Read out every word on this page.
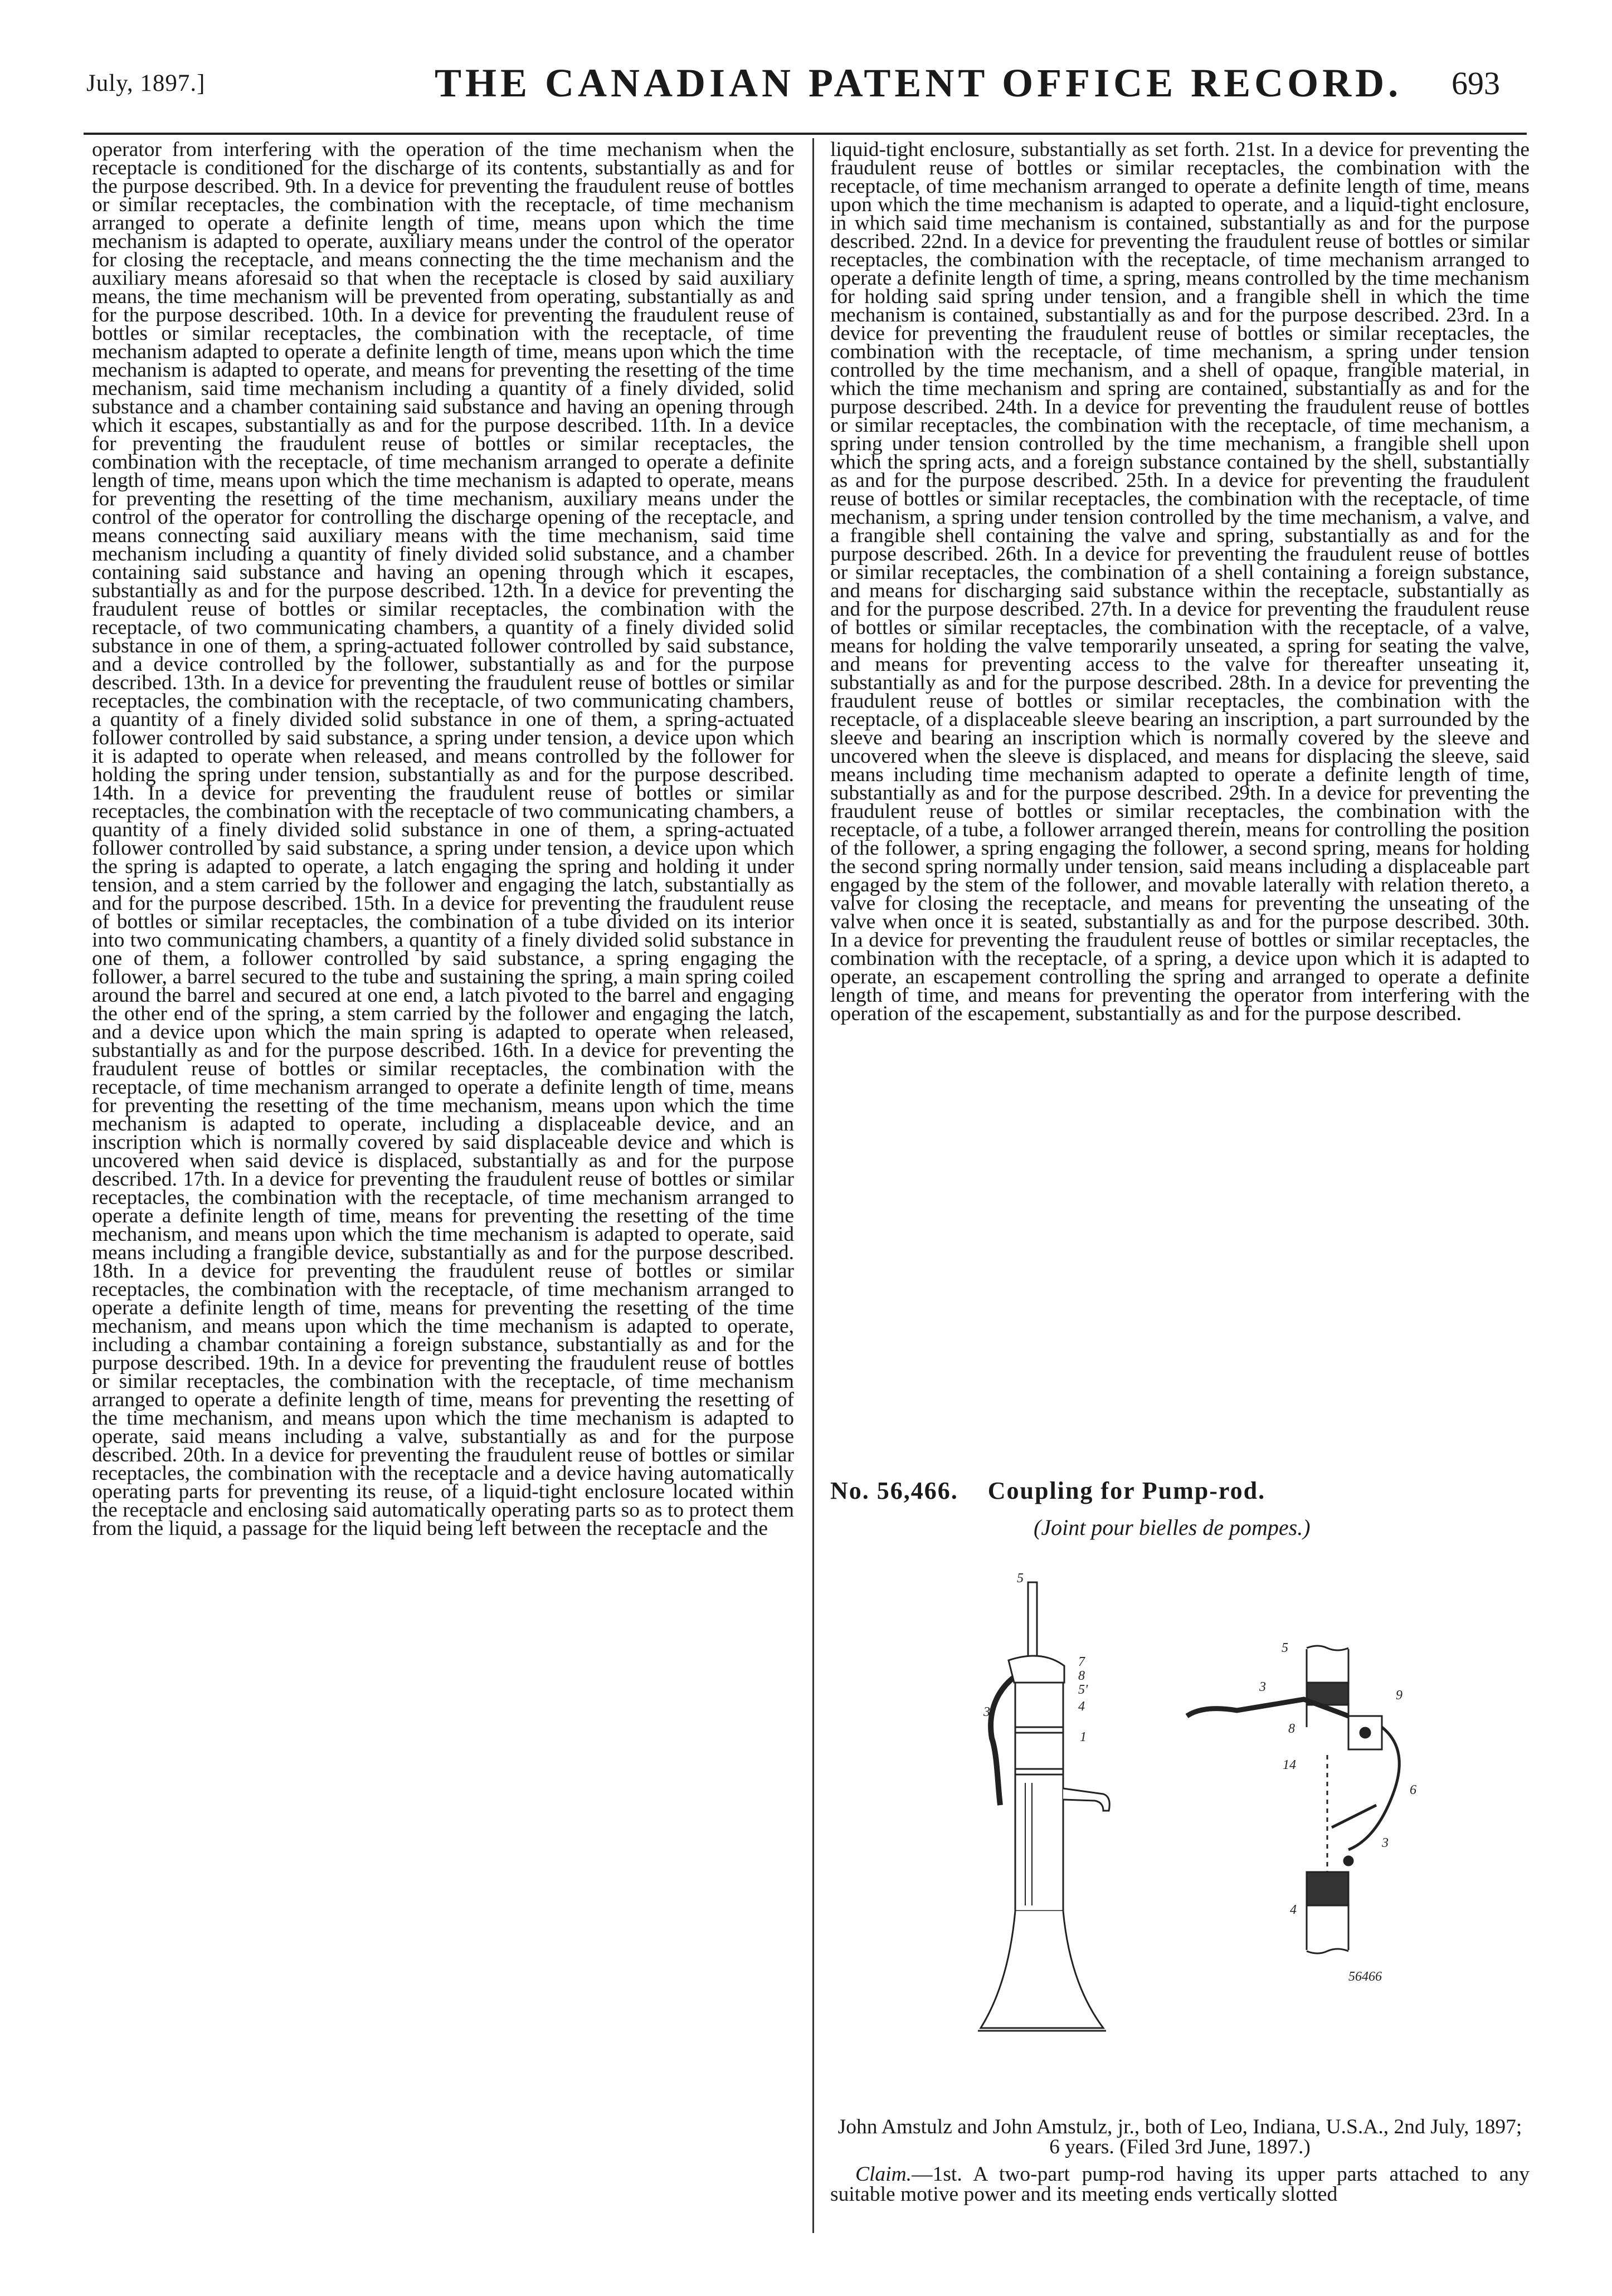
July, 1897.]	THE CANADIAN PATENT OFFICE RECORD. 693
operator from interfering with the operation of the time mechanism when the receptacle is conditioned for the discharge of its contents, substantially as and for the purpose described. 9th. In a device for preventing the fraudulent reuse of bottles or similar receptacles, the combination with the receptacle, of time mechanism arranged to operate a definite length of time, means upon which the time mechanism is adapted to operate, auxiliary means under the control of the operator for closing the receptacle, and means connecting the the time mechanism and the auxiliary means aforesaid so that when the receptacle is closed by said auxiliary means, the time mechanism will be prevented from operating, substantially as and for the purpose described. 10th. In a device for preventing the fraudulent reuse of bottles or similar receptacles, the combination with the receptacle, of time mechanism adapted to operate a definite length of time, means upon which the time mechanism is adapted to operate, and means for preventing the resetting of the time mechanism, said time mechanism including a quantity of a finely divided, solid substance and a chamber containing said substance and having an opening through which it escapes, substantially as and for the purpose described. 11th. In a device for preventing the fraudulent reuse of bottles or similar receptacles, the combination with the receptacle, of time mechanism arranged to operate a definite length of time, means upon which the time mechanism is adapted to operate, means for preventing the resetting of the time mechanism, auxiliary means under the control of the operator for controlling the discharge opening of the receptacle, and means connecting said auxiliary means with the time mechanism, said time mechanism including a quantity of finely divided solid substance, and a chamber containing said substance and having an opening through which it escapes, substantially as and for the purpose described. 12th. In a device for preventing the fraudulent reuse of bottles or similar receptacles, the combination with the receptacle, of two communicating chambers, a quantity of a finely divided solid substance in one of them, a spring-actuated follower controlled by said substance, and a device controlled by the follower, substantially as and for the purpose described. 13th. In a device for preventing the fraudulent reuse of bottles or similar receptacles, the combination with the receptacle, of two communicating chambers, a quantity of a finely divided solid substance in one of them, a spring-actuated follower controlled by said substance, a spring under tension, a device upon which it is adapted to operate when released, and means controlled by the follower for holding the spring under tension, substantially as and for the purpose described. 14th. In a device for preventing the fraudulent reuse of bottles or similar receptacles, the combination with the receptacle of two communicating chambers, a quantity of a finely divided solid substance in one of them, a spring-actuated follower controlled by said substance, a spring under tension, a device upon which the spring is adapted to operate, a latch engaging the spring and holding it under tension, and a stem carried by the follower and engaging the latch, substantially as and for the purpose described. 15th. In a device for preventing the fraudulent reuse of bottles or similar receptacles, the combination of a tube divided on its interior into two communicating chambers, a quantity of a finely divided solid substance in one of them, a follower controlled by said substance, a spring engaging the follower, a barrel secured to the tube and sustaining the spring, a main spring coiled around the barrel and secured at one end, a latch pivoted to the barrel and engaging the other end of the spring, a stem carried by the follower and engaging the latch, and a device upon which the main spring is adapted to operate when released, substantially as and for the purpose described. 16th. In a device for preventing the fraudulent reuse of bottles or similar receptacles, the combination with the receptacle, of time mechanism arranged to operate a definite length of time, means for preventing the resetting of the time mechanism, means upon which the time mechanism is adapted to operate, including a displaceable device, and an inscription which is normally covered by said displaceable device and which is uncovered when said device is displaced, substantially as and for the purpose described. 17th. In a device for preventing the fraudulent reuse of bottles or similar receptacles, the combination with the receptacle, of time mechanism arranged to operate a definite length of time, means for preventing the resetting of the time mechanism, and means upon which the time mechanism is adapted to operate, said means including a frangible device, substantially as and for the purpose described. 18th. In a device for preventing the fraudulent reuse of bottles or similar receptacles, the combination with the receptacle, of time mechanism arranged to operate a definite length of time, means for preventing the resetting of the time mechanism, and means upon which the time mechanism is adapted to operate, including a chambar containing a foreign substance, substantially as and for the purpose described. 19th. In a device for preventing the fraudulent reuse of bottles or similar receptacles, the combination with the receptacle, of time mechanism arranged to operate a definite length of time, means for preventing the resetting of the time mechanism, and means upon which the time mechanism is adapted to operate, said means including a valve, substantially as and for the purpose described. 20th. In a device for preventing the fraudulent reuse of bottles or similar receptacles, the combination with the receptacle and a device having automatically operating parts for preventing its reuse, of a liquid-tight enclosure located within the receptacle and enclosing said automatically operating parts so as to protect them from the liquid, a passage for the liquid being left between the receptacle and the
liquid-tight enclosure, substantially as set forth. 21st. In a device for preventing the fraudulent reuse of bottles or similar receptacles, the combination with the receptacle, of time mechanism arranged to operate a definite length of time, means upon which the time mechanism is adapted to operate, and a liquid-tight enclosure, in which said time mechanism is contained, substantially as and for the purpose described. 22nd. In a device for preventing the fraudulent reuse of bottles or similar receptacles, the combination with the receptacle, of time mechanism arranged to operate a definite length of time, a spring, means controlled by the time mechanism for holding said spring under tension, and a frangible shell in which the time mechanism is contained, substantially as and for the purpose described. 23rd. In a device for preventing the fraudulent reuse of bottles or similar receptacles, the combination with the receptacle, of time mechanism, a spring under tension controlled by the time mechanism, and a shell of opaque, frangible material, in which the time mechanism and spring are contained, substantially as and for the purpose described. 24th. In a device for preventing the fraudulent reuse of bottles or similar receptacles, the combination with the receptacle, of time mechanism, a spring under tension controlled by the time mechanism, a frangible shell upon which the spring acts, and a foreign substance contained by the shell, substantially as and for the purpose described. 25th. In a device for preventing the fraudulent reuse of bottles or similar receptacles, the combination with the receptacle, of time mechanism, a spring under tension controlled by the time mechanism, a valve, and a frangible shell containing the valve and spring, substantially as and for the purpose described. 26th. In a device for preventing the fraudulent reuse of bottles or similar receptacles, the combination of a shell containing a foreign substance, and means for discharging said substance within the receptacle, substantially as and for the purpose described. 27th. In a device for preventing the fraudulent reuse of bottles or similar receptacles, the combination with the receptacle, of a valve, means for holding the valve temporarily unseated, a spring for seating the valve, and means for preventing access to the valve for thereafter unseating it, substantially as and for the purpose described. 28th. In a device for preventing the fraudulent reuse of bottles or similar receptacles, the combination with the receptacle, of a displaceable sleeve bearing an inscription, a part surrounded by the sleeve and bearing an inscription which is normally covered by the sleeve and uncovered when the sleeve is displaced, and means for displacing the sleeve, said means including time mechanism adapted to operate a definite length of time, substantially as and for the purpose described. 29th. In a device for preventing the fraudulent reuse of bottles or similar receptacles, the combination with the receptacle, of a tube, a follower arranged therein, means for controlling the position of the follower, a spring engaging the follower, a second spring, means for holding the second spring normally under tension, said means including a displaceable part engaged by the stem of the follower, and movable laterally with relation thereto, a valve for closing the receptacle, and means for preventing the unseating of the valve when once it is seated, substantially as and for the purpose described. 30th. In a device for preventing the fraudulent reuse of bottles or similar receptacles, the combination with the receptacle, of a spring, a device upon which it is adapted to operate, an escapement controlling the spring and arranged to operate a definite length of time, and means for preventing the operator from interfering with the operation of the escapement, substantially as and for the purpose described.
No. 56,466. Coupling for Pump-rod.
(Joint pour bielles de pompes.)
5
3
7
8
5'
4
1
5
3
9
8
14
6
3
4
56466
John Amstulz and John Amstulz, jr., both of Leo, Indiana, U.S.A., 2nd July, 1897; 6 years. (Filed 3rd June, 1897.)
Claim.—1st. A two-part pump-rod having its upper parts attached to any suitable motive power and its meeting ends vertically slotted
